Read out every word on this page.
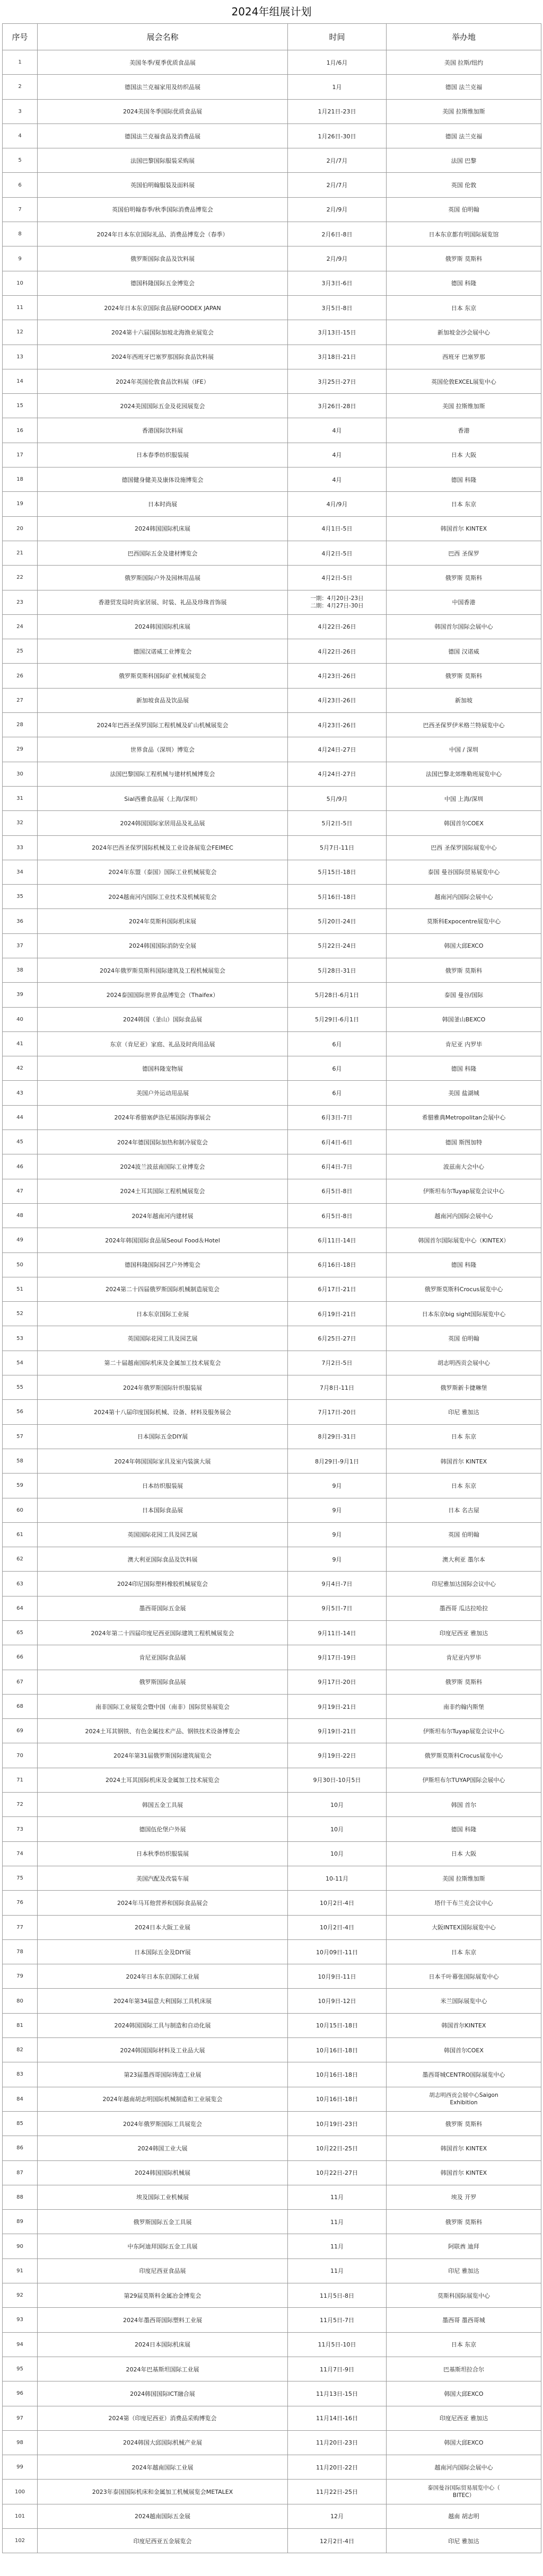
2024年组展计划
序号	展会名称	时间	举办地
1	美国冬季/夏季优质食品展	1月/6月	美国 拉斯/纽约
2	德国法兰克福家用及纺织品展	1月	德国 法兰克福
3	2024美国冬季国际优质食品展	1月21日-23日	美国 拉斯维加斯
4	德国法兰克福食品及消费品展	1月26日-30日	德国 法兰克福
5	法国巴黎国际服装采购展	2月/7月	法国 巴黎
6	英国伯明翰服装及面料展	2月/7月	英国 伦敦
7	英国伯明翰春季/秋季国际消费品博览会	2月/9月	英国 伯明翰
8	2024年日本东京国际礼品、消费品博览会（春季）	2月6日-8日	日本东京都有明国际展览馆
9	俄罗斯国际食品及饮料展	2月/9月	俄罗斯 莫斯科
10	德国科隆国际五金博览会	3月3日-6日	德国 科隆
11	2024年日本东京国际食品展FOODEX JAPAN	3月5日-8日	日本 东京
12	2024第十六届国际加坡北海渔业展览会	3月13日-15日	新加坡金沙会展中心
13	2024年西班牙巴塞罗那国际食品饮料展	3月18日-21日	西班牙 巴塞罗那
14	2024年英国伦敦食品饮料展（IFE）	3月25日-27日	英国伦敦EXCEL展览中心
15	2024美国国际五金及花园展览会	3月26日-28日	美国 拉斯维加斯
16	香港国际饮料展	4月	香港
17	日本春季纺织服装展	4月	日本 大阪
18	德国健身健美及康体设施博览会	4月	德国 科隆
19	日本时尚展	4月/9月	日本 东京
20	2024韩国国际机床展	4月1日-5日	韩国首尔 KINTEX
21	巴西国际五金及建材博览会	4月2日-5日	巴西 圣保罗
22	俄罗斯国际户外及园林用品展	4月2日-5日	俄罗斯 莫斯科
23	香港贸发局时尚家居展、时装、礼品及珍珠首饰展	一期：4月20日-23日
二期：4月27日-30日	中国香港
24	2024韩国国际机床展	4月22日-26日	韩国首尔国际会展中心
25	德国汉诺威工业博览会	4月22日-26日	德国 汉诺威
26	俄罗斯莫斯科国际矿业机械展览会	4月23日-26日	俄罗斯 莫斯科
27	新加坡食品及饮品展	4月23日-26日	新加坡
28	2024年巴西圣保罗国际工程机械及矿山机械展览会	4月23日-26日	巴西圣保罗伊米格兰特展览中心
29	世界食品（深圳）博览会	4月24日-27日	中国 / 深圳
30	法国巴黎国际工程机械与建材机械博览会	4月24日-27日	法国巴黎北郊维勒班展览中心
31	Sial西雅食品展（上海/深圳）	5月/9月	中国 上海/深圳
32	2024韩国国际家居用品及礼品展	5月2日-5日	韩国首尔COEX
33	2024年巴西圣保罗国际机械及工业设备展览会FEIMEC	5月7日-11日	巴西 圣保罗国际展览中心
34	2024年东盟（泰国）国际工业机械展览会	5月15日-18日	泰国 曼谷国际贸易展览中心
35	2024越南河内国际工业技术及机械展览会	5月16日-18日	越南河内国际会展中心
36	2024年莫斯科国际机床展	5月20日-24日	莫斯科Expocentre展览中心
37	2024韩国国际消防安全展	5月22日-24日	韩国大邱EXCO
38	2024年俄罗斯莫斯科国际建筑及工程机械展览会	5月28日-31日	俄罗斯 莫斯科
39	2024泰国国际世界食品博览会（Thaifex）	5月28日-6月1日	泰国 曼谷/国际
40	2024韩国（釜山）国际食品展	5月29日-6月1日	韩国釜山BEXCO
41	东京（肯尼亚）家庭、礼品及时尚用品展	6月	肯尼亚 内罗毕
42	德国科隆宠物展	6月	德国 科隆
43	美国户外运动用品展	6月	美国 盐湖城
44	2024年希腊塞萨洛尼基国际海事展会	6月3日-7日	希腊雅典Metropolitan会展中心
45	2024年德国国际加热和制冷展览会	6月4日-6日	德国 斯图加特
46	2024波兰波兹南国际工业博览会	6月4日-7日	波兹南大会中心
47	2024土耳其国际工程机械展览会	6月5日-8日	伊斯坦布尔Tuyap展览会议中心
48	2024年越南河内建材展	6月5日-8日	越南河内国际会展中心
49	2024年韩国国际食品展Seoul Food＆Hotel	6月11日-14日	韩国首尔国际展览中心（KINTEX）
50	德国科隆国际园艺户外博览会	6月16日-18日	德国 科隆
51	2024第二十四届俄罗斯国际机械制造展览会	6月17日-21日	俄罗斯莫斯科Crocus展览中心
52	日本东京国际工业展	6月19日-21日	日本东京big sight国际展览中心
53	英国国际花园工具及园艺展	6月25日-27日	英国 伯明翰
54	第二十届越南国际机床及金属加工技术展览会	7月2日-5日	胡志明西贡会展中心
55	2024年俄罗斯国际针织服装展	7月8日-11日	俄罗斯新卡捷琳堡
56	2024第十八届印度国际机械、设备、材料及服务展会	7月17日-20日	印尼 雅加达
57	日本国际五金DIY展	8月29日-31日	日本 东京
58	2024年韩国国际家具及室内装演大展	8月29日-9月1日	韩国首尔 KINTEX
59	日本纺织服装展	9月	日本 东京
60	日本国际食品展	9月	日本 名古屋
61	英国国际花园工具及园艺展	9月	英国 伯明翰
62	澳大利亚国际食品及饮料展	9月	澳大利亚 墨尔本
63	2024印尼国际塑料橡胶机械展览会	9月4日-7日	印尼雅加达国际会议中心
64	墨西哥国际五金展	9月5日-7日	墨西哥 瓜达拉哈拉
65	2024年第二十四届印度尼西亚国际建筑工程机械展览会	9月11日-14日	印度尼西亚 雅加达
66	肯尼亚国际食品展	9月17日-19日	肯尼亚内罗毕
67	俄罗斯国际食品展	9月17日-20日	俄罗斯 莫斯科
68	南非国际工业展览会暨中国（南非）国际贸易展览会	9月19日-21日	南非约翰内斯堡
69	2024土耳其钢铁、有色金属技术产品、钢铁技术设备博览会	9月19日-21日	伊斯坦布尔Tuyap展览会议中心
70	2024年第31届俄罗斯国际建筑展览会	9月19日-22日	俄罗斯莫斯科Crocus展览中心
71	2024土耳其国际机床及金属加工技术展览会	9月30日-10月5日	伊斯坦布尔TUYAP国际会展中心
72	韩国五金工具展	10月	韩国 首尔
73	德国伍伦堡户外展	10月	德国 科隆
74	日本秋季纺织服装展	10月	日本 大阪
75	美国汽配及改装车展	10-11月	美国 拉斯维加斯
76	2024年马耳他营养和国际食品展会	10月2日-4日	塔什干布兰克会议中心
77	2024日本大阪工业展	10月2日-4日	大阪INTEX国际展览中心
78	日本国际五金及DIY展	10月09日-11日	日本 东京
79	2024年日本东京国际工业展	10月9日-11日	日本千叶幕张国际展览中心
80	2024年第34届意大利国际工具机床展	10月9日-12日	米兰国际展览中心
81	2024韩国国际工具与制造和自动化展	10月15日-18日	韩国首尔KINTEX
82	2024韩国国际材料及工业品大展	10月16日-18日	韩国首尔COEX
83	第23届墨西哥国际铸造工业展	10月16日-18日	墨西哥城CENTRO国际展览中心
84	2024年越南胡志明国际机械制造和工业展览会	10月16日-18日	胡志明西贡会展中心Saigon
Exhibition
85	2024年俄罗斯国际工具展览会	10月19日-23日	俄罗斯 莫斯科
86	2024韩国工业大展	10月22日-25日	韩国首尔 KINTEX
87	2024韩国国际机械展	10月22日-27日	韩国首尔 KINTEX
88	埃及国际工业机械展	11月	埃及 开罗
89	俄罗斯国际五金工具展	11月	俄罗斯 莫斯科
90	中东阿迪拜国际五金工具展	11月	阿联酋 迪拜
91	印度尼西亚食品展	11月	印尼 雅加达
92	第29届莫斯科金属冶金博览会	11月5日-8日	莫斯科国际展览中心
93	2024年墨西哥国际塑料工业展	11月5日-7日	墨西哥 墨西哥城
94	2024日本国际机床展	11月5日-10日	日本 东京
95	2024年巴基斯坦国际工业展	11月7日-9日	巴基斯坦拉合尔
96	2024韩国国际ICT融合展	11月13日-15日	韩国大邱EXCO
97	2024第（印度尼西亚）消费品采购博览会	11月14日-16日	印度尼西亚 雅加达
98	2024韩国大邱国际机械产业展	11月20日-23日	韩国大邱EXCO
99	2024年越南国际工业展	11月20日-22日	越南河内国际会展中心
100	2023年泰国国际机床和金属加工机械展览会METALEX	11月22日-25日	泰国曼谷国际贸易展览中心（
BITEC）
101	2024越南国际五金展	12月	越南 胡志明
102	印度尼西亚五金展览会	12月2日-4日	印尼 雅加达
